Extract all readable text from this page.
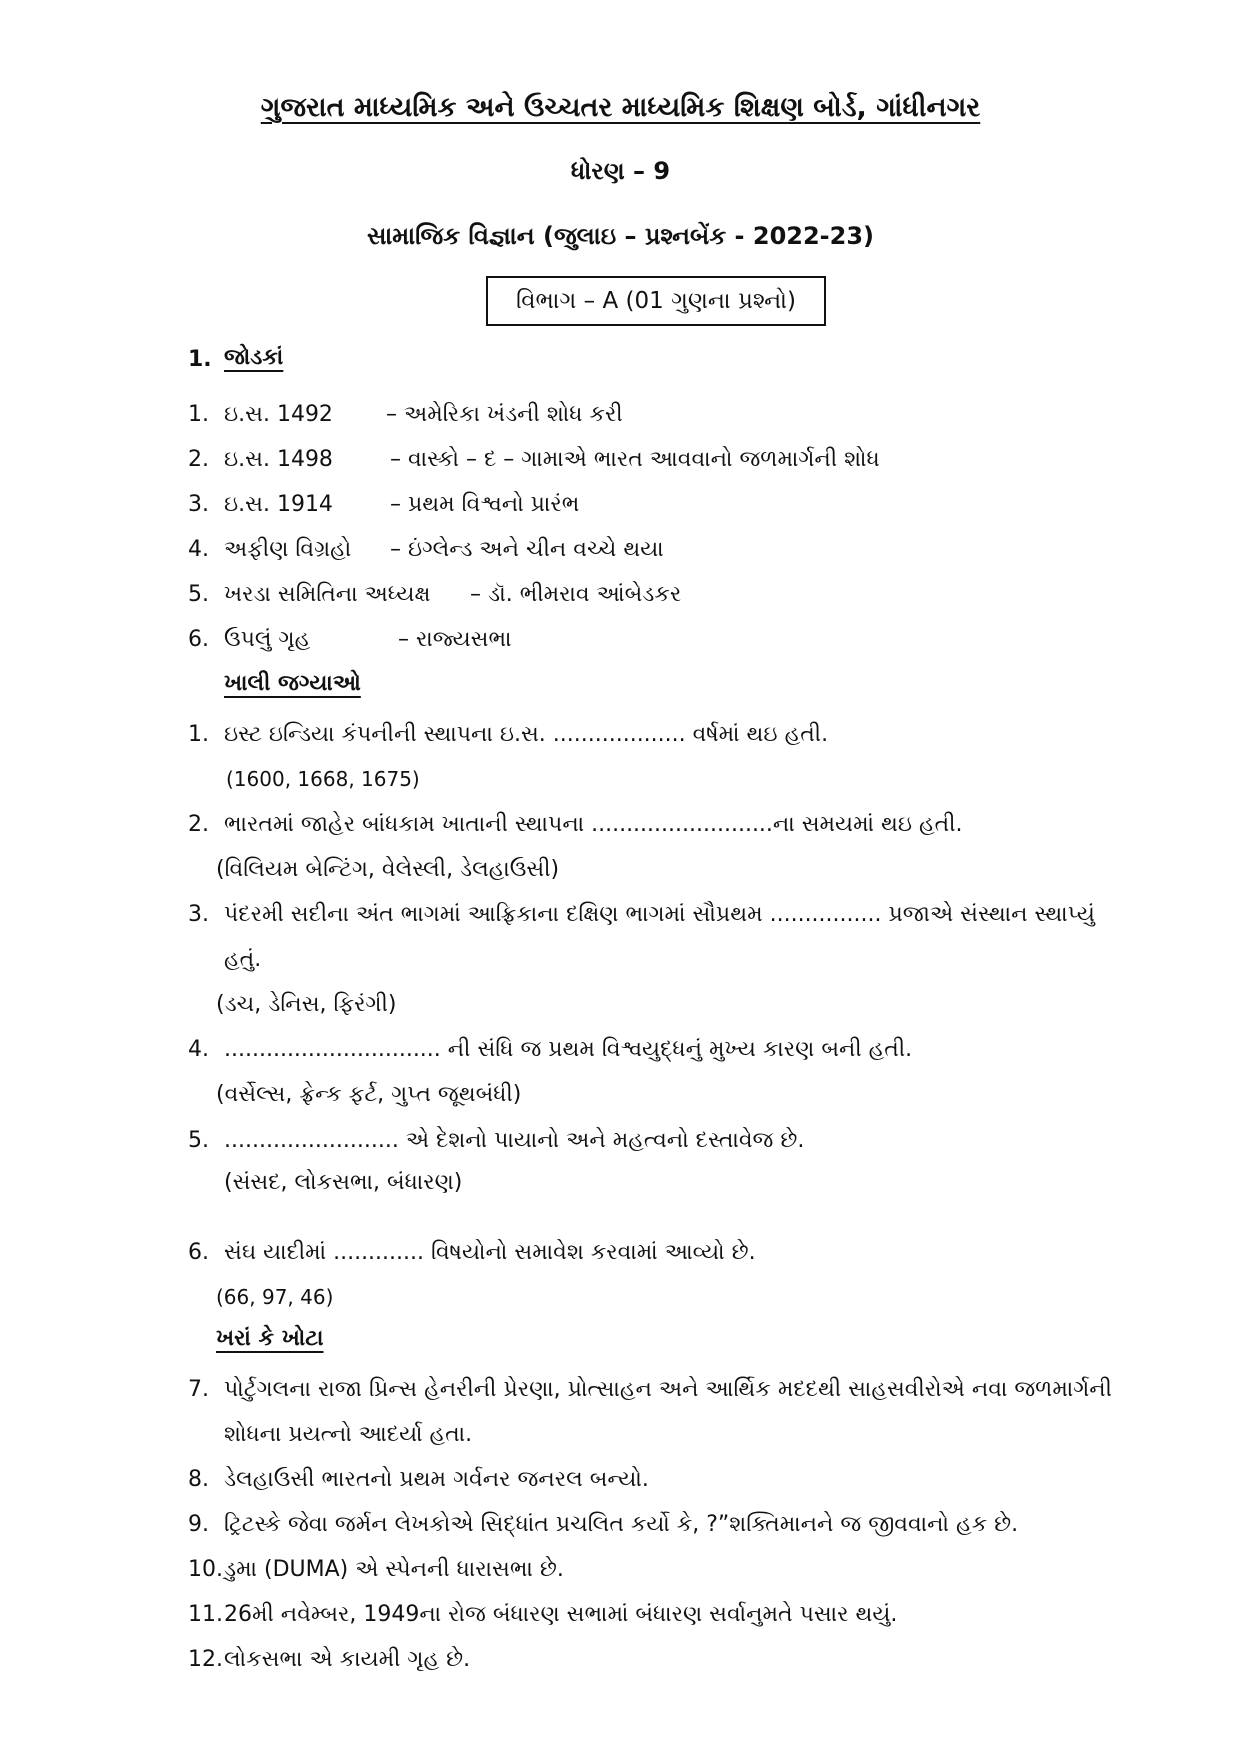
ગુજરાત માધ્યમિક અને ઉચ્ચતર માધ્યમિક શિક્ષણ બોર્ડ, ગાંધીનગર
ધોરણ – 9
સામાજિક વિજ્ઞાન (જુલાઇ – પ્રશ્નબેંક - 2022-23)
વિભાગ – A (01 ગુણના પ્રશ્નો)
1. જોડકાં
1. ઇ.સ. 1492 – અમેરિકા ખંડની શોધ કરી
2. ઇ.સ. 1498	– વાસ્કો – દ – ગામાએ ભારત આવવાનો જળમાર્ગની શોધ
3. ઇ.સ. 1914	– પ્રથમ વિશ્વનો પ્રારંભ
4. અફીણ વિગ્રહો – ઇંગ્લેન્ડ અને ચીન વચ્ચે થયા
5. ખરડા સમિતિના અધ્યક્ષ – ડૉ. ભીમરાવ આંબેડકર
6. ઉપલું ગૃહ	– રાજ્યસભા
ખાલી જગ્યાઓ
1. ઇસ્ટ ઇન્ડિયા કંપનીની સ્થાપના ઇ.સ. ................... વર્ષમાં થઇ હતી.
(1600, 1668, 1675)
2. ભારતમાં જાહેર બાંધકામ ખાતાની સ્થાપના ..........................ના સમયમાં થઇ હતી.
(વિલિયમ બેન્ટિંગ, વેલેસ્લી, ડેલહાઉસી)
3. પંદરમી સદીના અંત ભાગમાં આફ્રિકાના દક્ષિણ ભાગમાં સૌપ્રથમ ................ પ્રજાએ સંસ્થાન સ્થાપ્યું
હતું.
(ડચ, ડેનિસ, ફિરંગી)
4. ............................... ની સંધિ જ પ્રથમ વિશ્વયુદ્ધનું મુખ્ય કારણ બની હતી.
(વર્સેલ્સ, ફ્રેન્ક ફર્ટ, ગુપ્ત જૂથબંધી)
5. ......................... એ દેશનો પાયાનો અને મહત્વનો દસ્તાવેજ છે.
(સંસદ, લોકસભા, બંધારણ)
6. સંઘ યાદીમાં ............. વિષયોનો સમાવેશ કરવામાં આવ્યો છે.
(66, 97, 46)
ખરાં કે ખોટા
7. પોર્ટુગલના રાજા પ્રિન્સ હેનરીની પ્રેરણા, પ્રોત્સાહન અને આર્થિક મદદથી સાહસવીરોએ નવા જળમાર્ગની
શોધના પ્રયત્નો આદર્યા હતા.
8. ડેલહાઉસી ભારતનો પ્રથમ ગર્વનર જનરલ બન્યો.
9. ટ્રિટસ્કે જેવા જર્મન લેખકોએ સિદ્ધાંત પ્રચલિત કર્યો કે, ?”શક્તિમાનને જ જીવવાનો હક છે.
10. ડુમા (DUMA) એ સ્પેનની ધારાસભા છે.
11. 26મી નવેમ્બર, 1949ના રોજ બંધારણ સભામાં બંધારણ સર્વાનુમતે પસાર થયું.
12. લોકસભા એ કાયમી ગૃહ છે.
